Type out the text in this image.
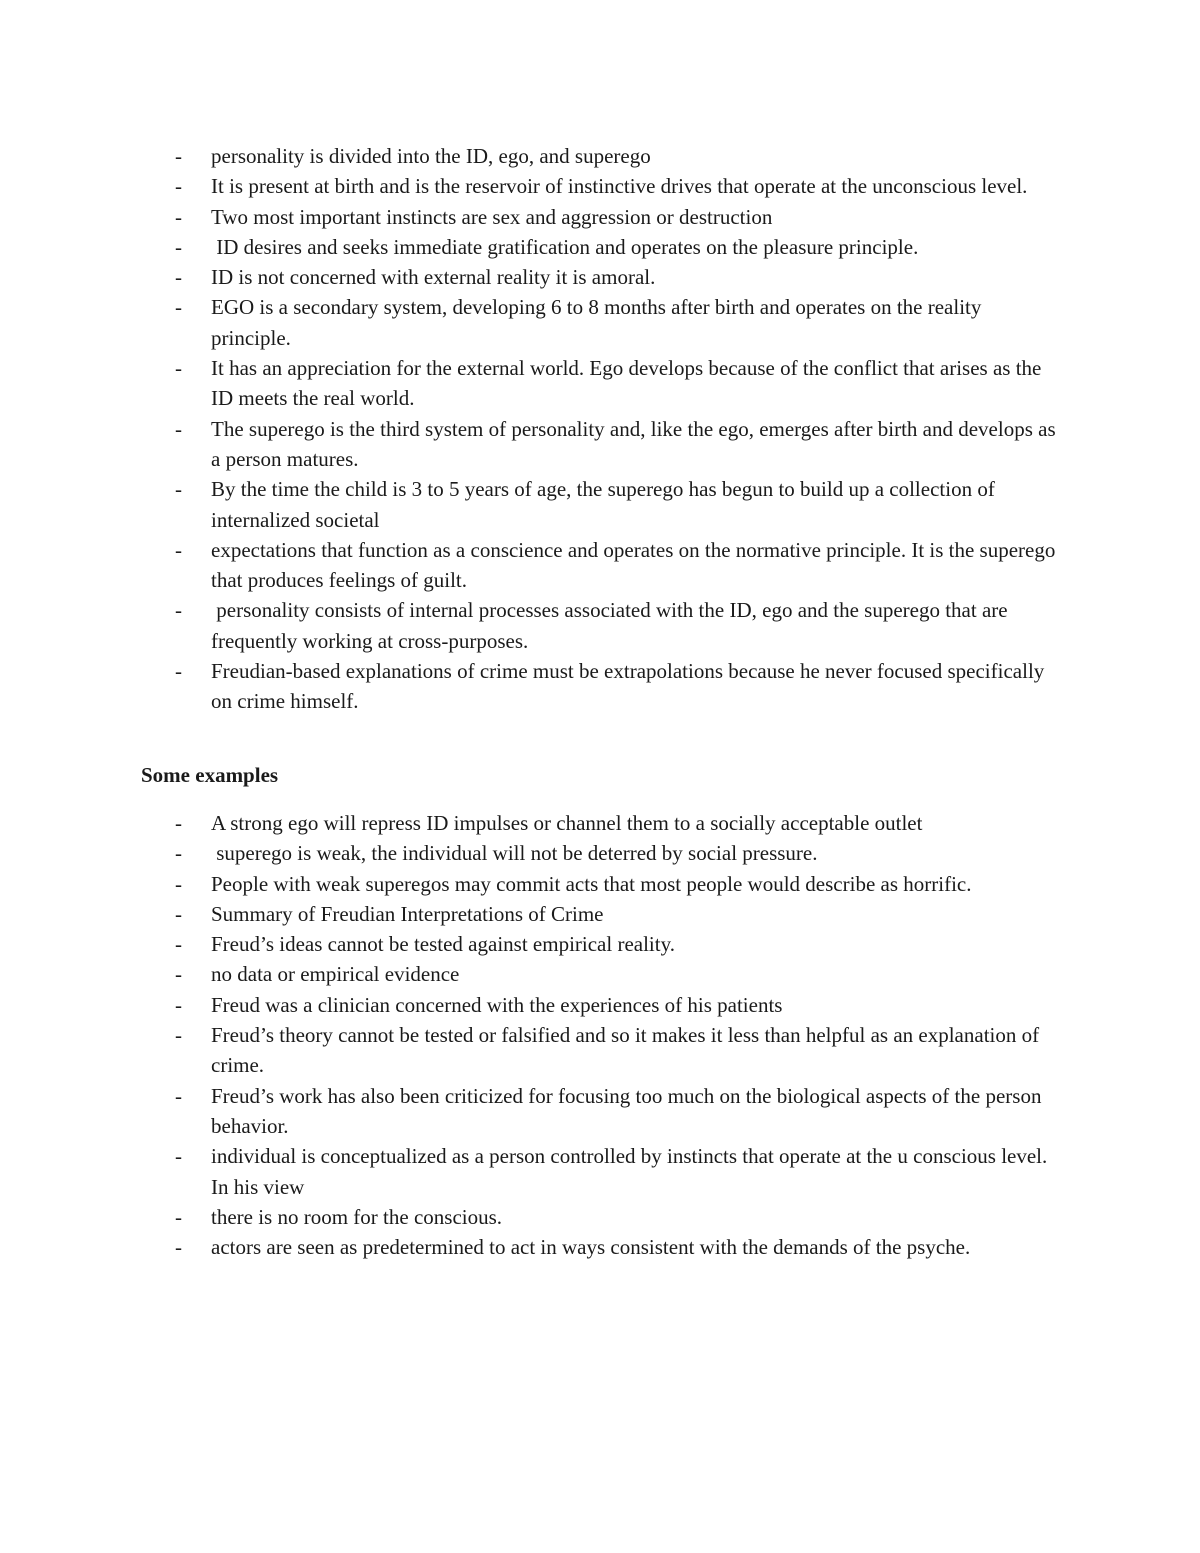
- personality is divided into the ID, ego, and superego
- It is present at birth and is the reservoir of instinctive drives that operate at the unconscious level.
- Two most important instincts are sex and aggression or destruction
- ID desires and seeks immediate gratification and operates on the pleasure principle.
- ID is not concerned with external reality it is amoral.
- EGO is a secondary system, developing 6 to 8 months after birth and operates on the reality principle.
- It has an appreciation for the external world. Ego develops because of the conflict that arises as the ID meets the real world.
- The superego is the third system of personality and, like the ego, emerges after birth and develops as a person matures.
- By the time the child is 3 to 5 years of age, the superego has begun to build up a collection of internalized societal
- expectations that function as a conscience and operates on the normative principle. It is the superego that produces feelings of guilt.
- personality consists of internal processes associated with the ID, ego and the superego that are frequently working at cross-purposes.
- Freudian-based explanations of crime must be extrapolations because he never focused specifically on crime himself.
Some examples
- A strong ego will repress ID impulses or channel them to a socially acceptable outlet
- superego is weak, the individual will not be deterred by social pressure.
- People with weak superegos may commit acts that most people would describe as horrific.
- Summary of Freudian Interpretations of Crime
- Freud’s ideas cannot be tested against empirical reality.
- no data or empirical evidence
- Freud was a clinician concerned with the experiences of his patients
- Freud’s theory cannot be tested or falsified and so it makes it less than helpful as an explanation of crime.
- Freud’s work has also been criticized for focusing too much on the biological aspects of the person behavior.
- individual is conceptualized as a person controlled by instincts that operate at the u conscious level. In his view
- there is no room for the conscious.
- actors are seen as predetermined to act in ways consistent with the demands of the psyche.
